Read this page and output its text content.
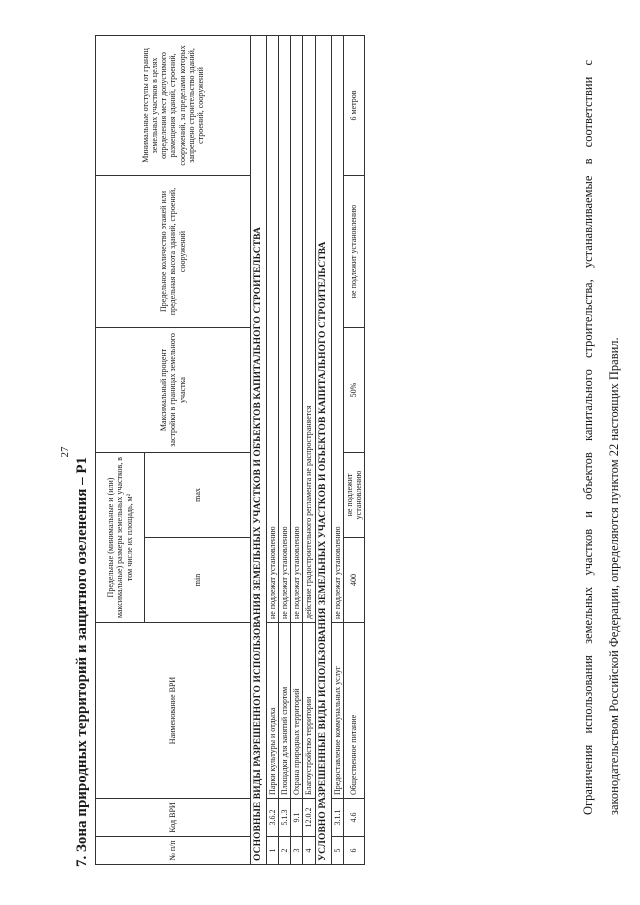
27
7. Зона природных территорий и защитного озеленения – Р1	№ п/п	Код ВРИ	Наименование ВРИ	Предельные (минимальные и (или) максимальные) размеры земельных участков, в том числе их площадь, м²		Максимальный процент застройки в границах земельного участка	Предельное количество этажей или предельная высота зданий, строений, сооружений	Минимальные отступы от границ земельных участков в целях определения мест допустимого размещения зданий, строений, сооружений, за пределами которых запрещено строительство зданий, строений, сооружений
			min	max			
ОСНОВНЫЕ ВИДЫ РАЗРЕШЕННОГО ИСПОЛЬЗОВАНИЯ ЗЕМЕЛЬНЫХ УЧАСТКОВ И ОБЪЕКТОВ КАПИТАЛЬНОГО СТРОИТЕЛЬСТВА							
1	3.6.2	Парки культуры и отдыха	не подлежат установлению				
2	5.1.3	Площадки для занятий спортом	не подлежат установлению				
3	9.1	Охрана природных территорий	не подлежат установлению				
4	12.0.2	Благоустройство территории	действие градостроительного регламента не распространяется				
УСЛОВНО РАЗРЕШЕННЫЕ ВИДЫ ИСПОЛЬЗОВАНИЯ ЗЕМЕЛЬНЫХ УЧАСТКОВ И ОБЪЕКТОВ КАПИТАЛЬНОГО СТРОИТЕЛЬСТВА							
5	3.1.1	Предоставление коммунальных услуг	не подлежат установлению				
6	4.6	Общественное питание	400	не подлежит установлению	50%	не подлежит установлению	6 метров	Ограничения использования земельных участков и объектов капитального строительства, устанавливаемые в соответствии с законодательством Российской Федерации, определяются пунктом 22 настоящих Правил.
